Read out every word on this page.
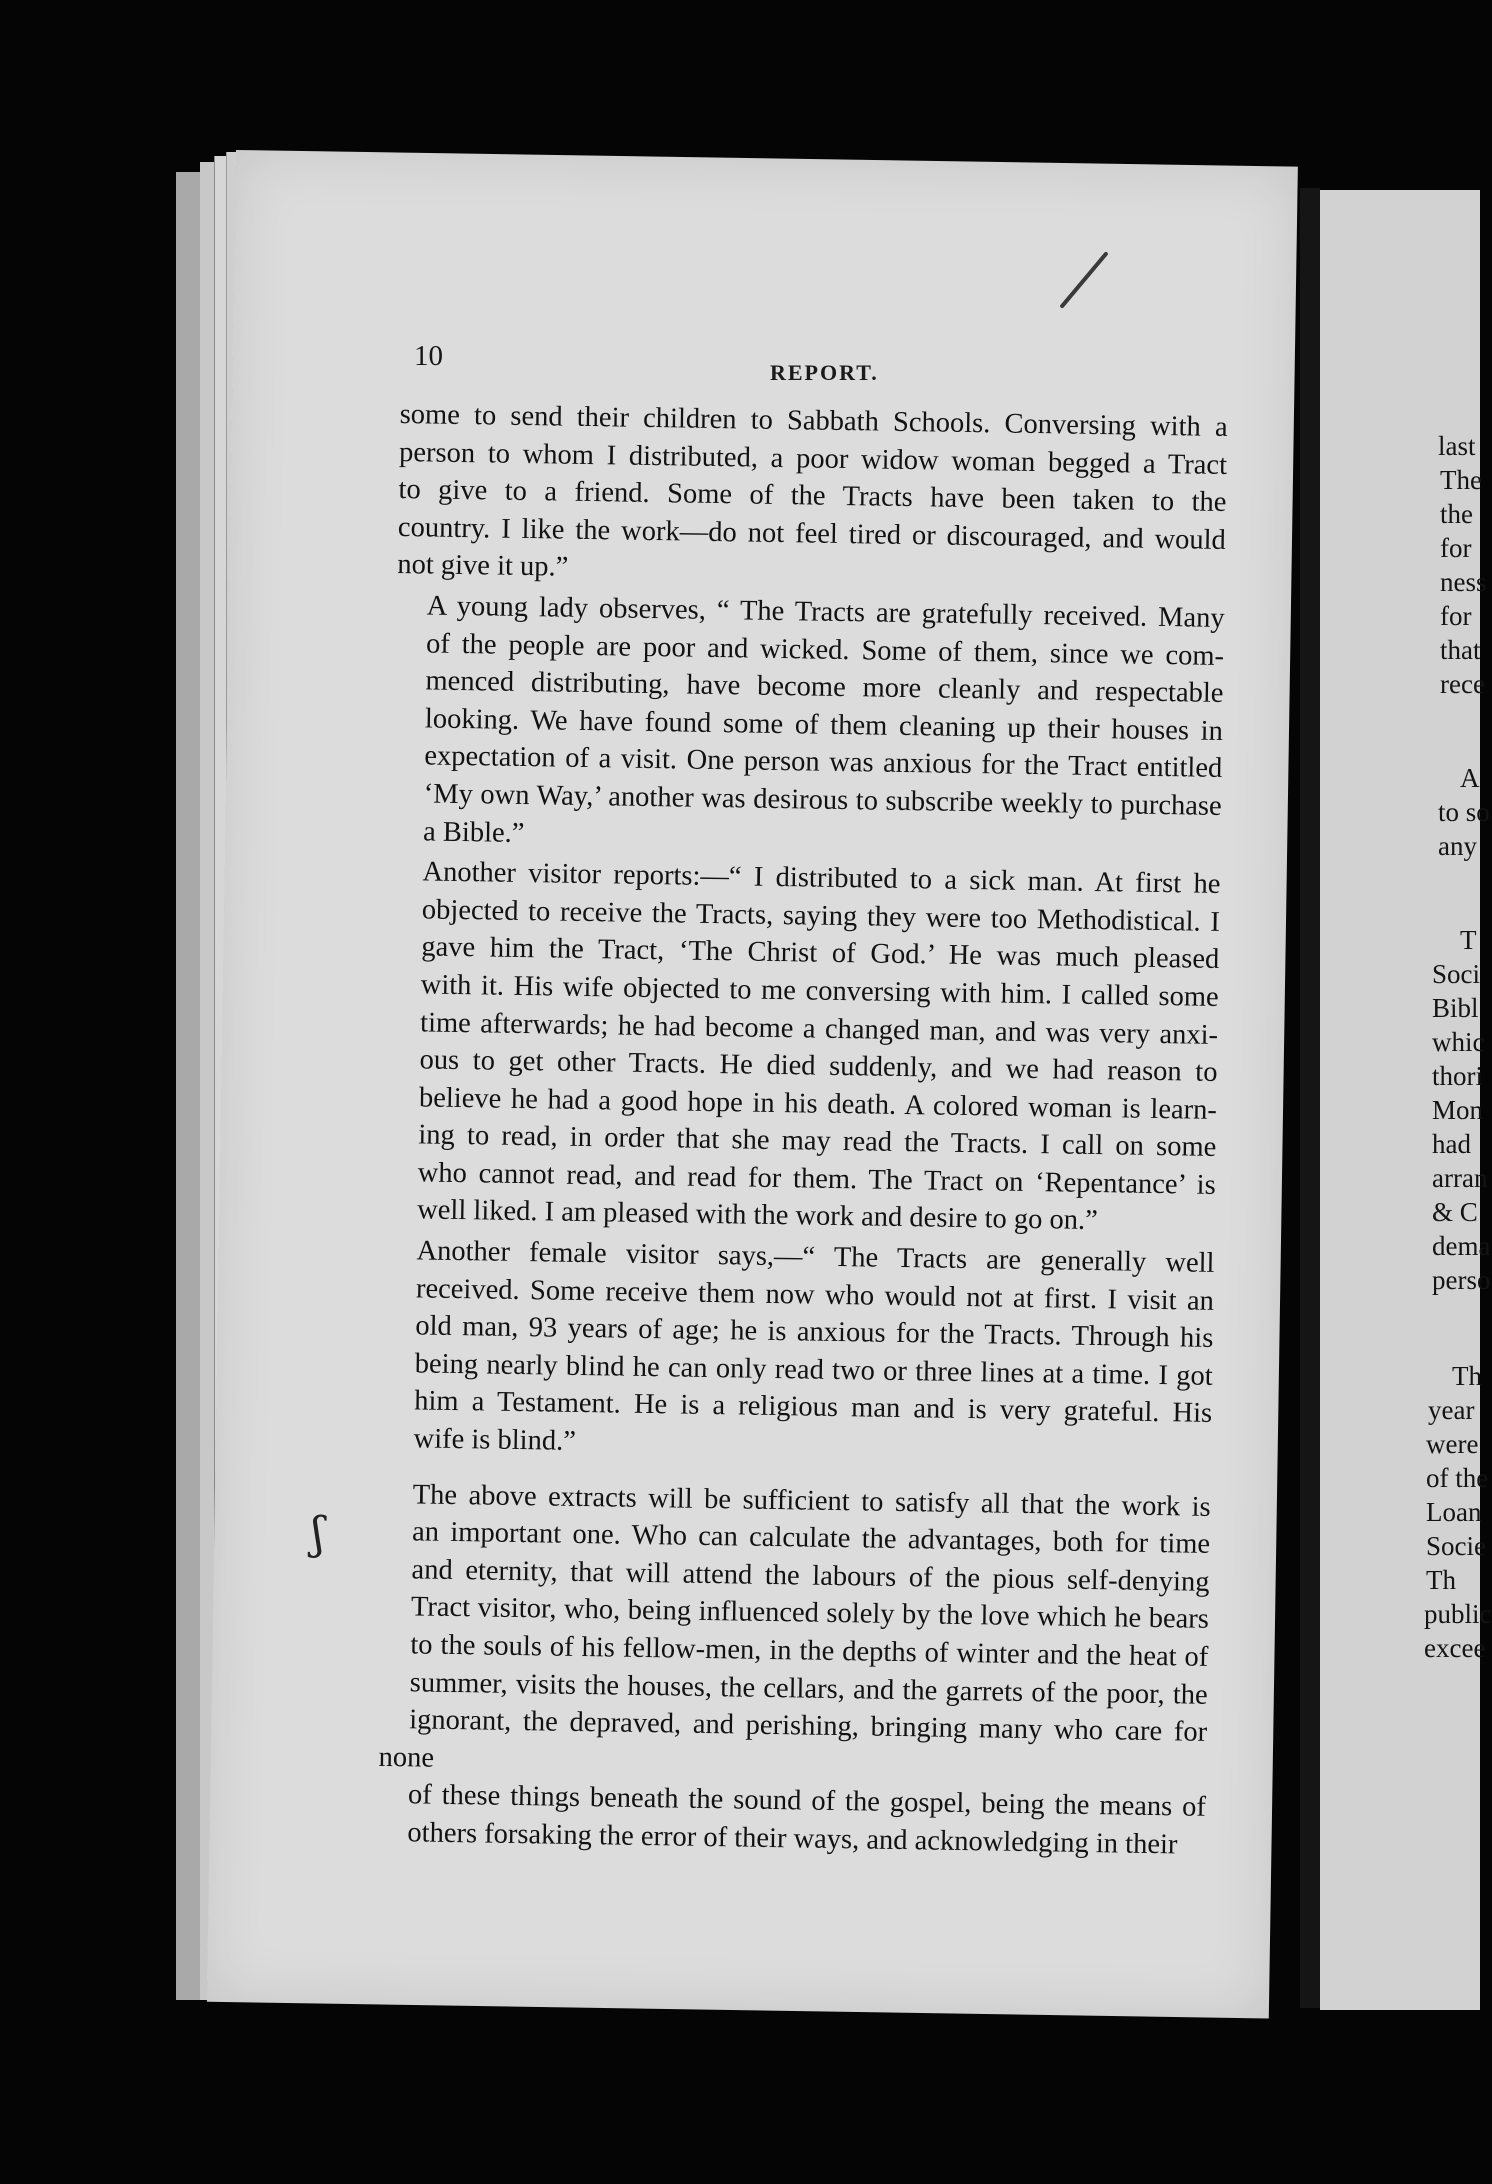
last
The
the
for
ness
for
that
rece
A
to so
any
T
Soci
Bibl
whic
thori
Mon
had
arran
& C
dema
perso
Th
year
were
of the
Loan
Socie
Th
public
excee
ʃ
10
REPORT.

some to send their children to Sabbath Schools. Conversing with a
person to whom I distributed, a poor widow woman begged a Tract
to give to a friend. Some of the Tracts have been taken to the
country. I like the work—do not feel tired or discouraged, and would
not give it up.”

A young lady observes, “ The Tracts are gratefully received. Many
of the people are poor and wicked. Some of them, since we com-
menced distributing, have become more cleanly and respectable
looking. We have found some of them cleaning up their houses in
expectation of a visit. One person was anxious for the Tract entitled
‘My own Way,’ another was desirous to subscribe weekly to purchase
a Bible.”

Another visitor reports:—“ I distributed to a sick man. At first he
objected to receive the Tracts, saying they were too Methodistical. I
gave him the Tract, ‘The Christ of God.’ He was much pleased
with it. His wife objected to me conversing with him. I called some
time afterwards; he had become a changed man, and was very anxi-
ous to get other Tracts. He died suddenly, and we had reason to
believe he had a good hope in his death. A colored woman is learn-
ing to read, in order that she may read the Tracts. I call on some
who cannot read, and read for them. The Tract on ‘Repentance’ is
well liked. I am pleased with the work and desire to go on.”

Another female visitor says,—“ The Tracts are generally well
received. Some receive them now who would not at first. I visit an
old man, 93 years of age; he is anxious for the Tracts. Through his
being nearly blind he can only read two or three lines at a time. I got
him a Testament. He is a religious man and is very grateful. His
wife is blind.”

The above extracts will be sufficient to satisfy all that the work is
an important one. Who can calculate the advantages, both for time
and eternity, that will attend the labours of the pious self-denying
Tract visitor, who, being influenced solely by the love which he bears
to the souls of his fellow-men, in the depths of winter and the heat of
summer, visits the houses, the cellars, and the garrets of the poor, the
ignorant, the depraved, and perishing, bringing many who care for none
of these things beneath the sound of the gospel, being the means of
others forsaking the error of their ways, and acknowledging in their
